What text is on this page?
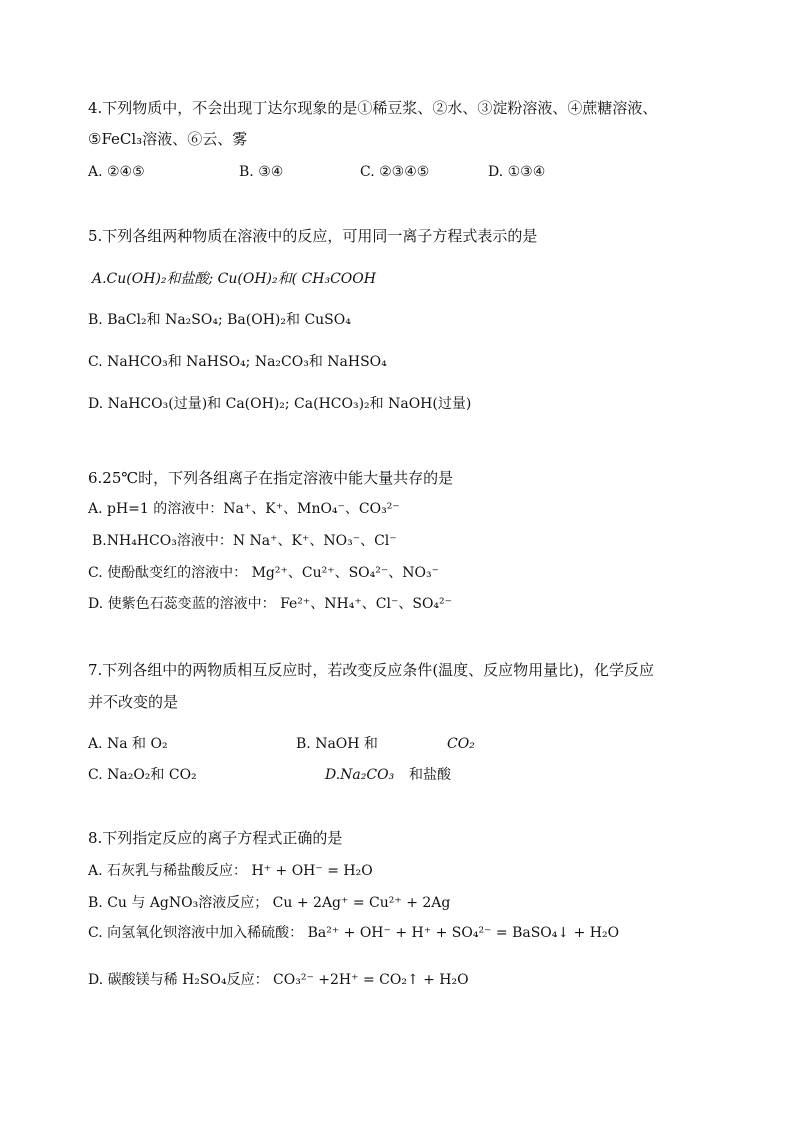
4.下列物质中，不会出现丁达尔现象的是①稀豆浆、②水、③淀粉溶液、④蔗糖溶液、
⑤FeCl₃溶液、⑥云、雾
A. ②④⑤	B. ③④	C. ②③④⑤	D. ①③④
5.下列各组两种物质在溶液中的反应，可用同一离子方程式表示的是
A.Cu(OH)₂和盐酸; Cu(OH)₂和( CH₃COOH
B. BaCl₂和 Na₂SO₄; Ba(OH)₂和 CuSO₄
C. NaHCO₃和 NaHSO₄; Na₂CO₃和 NaHSO₄
D. NaHCO₃(过量)和 Ca(OH)₂; Ca(HCO₃)₂和 NaOH(过量)
6.25℃时，下列各组离子在指定溶液中能大量共存的是
A. pH=1 的溶液中：Na⁺、K⁺、MnO₄⁻、CO₃²⁻
B.NH₄HCO₃溶液中：N Na⁺、K⁺、NO₃⁻、Cl⁻
C. 使酚酞变红的溶液中： Mg²⁺、Cu²⁺、SO₄²⁻、NO₃⁻
D. 使紫色石蕊变蓝的溶液中： Fe²⁺、NH₄⁺、Cl⁻、SO₄²⁻
7.下列各组中的两物质相互反应时，若改变反应条件(温度、反应物用量比)，化学反应
并不改变的是
A. Na 和 O₂	B. NaOH 和	CO₂
C. Na₂O₂和 CO₂	D.Na₂CO₃ 和盐酸
8.下列指定反应的离子方程式正确的是
A. 石灰乳与稀盐酸反应： H⁺ + OH⁻ = H₂O
B. Cu 与 AgNO₃溶液反应； Cu + 2Ag⁺ = Cu²⁺ + 2Ag
C. 向氢氧化钡溶液中加入稀硫酸： Ba²⁺ + OH⁻ + H⁺ + SO₄²⁻ = BaSO₄↓ + H₂O
D. 碳酸镁与稀 H₂SO₄反应： CO₃²⁻ +2H⁺ = CO₂↑ + H₂O
